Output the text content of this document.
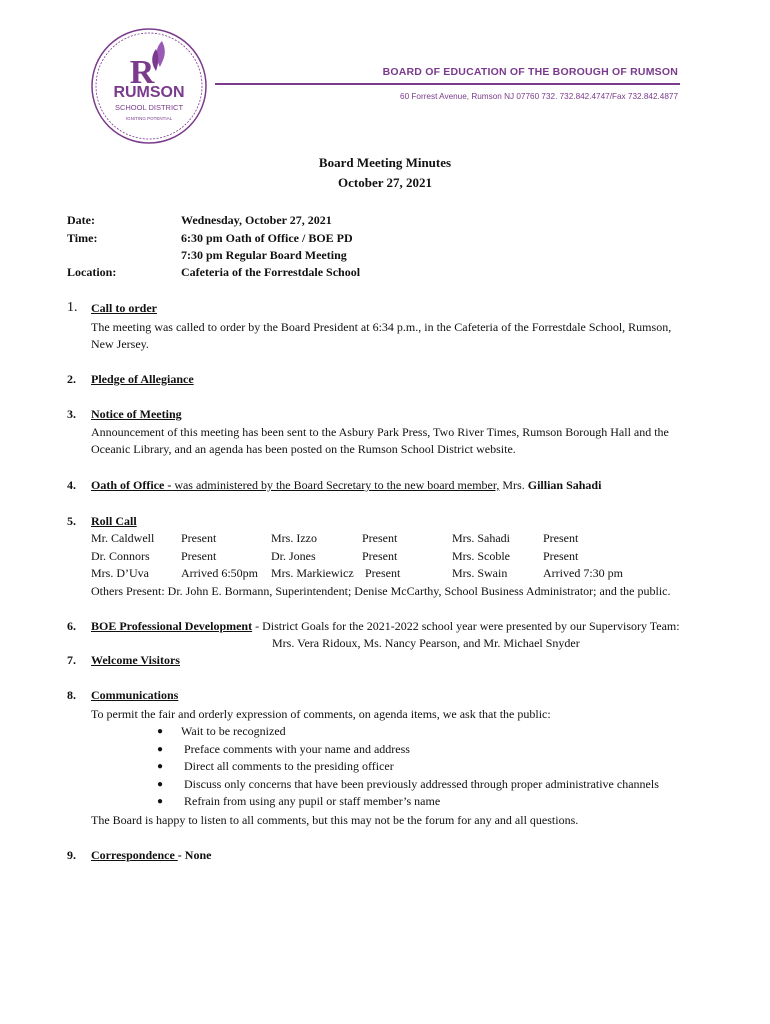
R
RUMSON
SCHOOL DISTRICT
IGNITING POTENTIAL
BOARD OF EDUCATION OF THE BOROUGH OF RUMSON
60 Forrest Avenue, Rumson NJ 07760 732. 732.842.4747/Fax 732.842.4877
Board Meeting Minutes
October 27, 2021
Date:	Wednesday, October 27, 2021
Time:	6:30 pm Oath of Office / BOE PD
7:30 pm Regular Board Meeting
Location:	Cafeteria of the Forrestdale School
1. Call to order
The meeting was called to order by the Board President at 6:34 p.m., in the Cafeteria of the Forrestdale School, Rumson,
New Jersey.
2. Pledge of Allegiance
3. Notice of Meeting
Announcement of this meeting has been sent to the Asbury Park Press, Two River Times, Rumson Borough Hall and the
Oceanic Library, and an agenda has been posted on the Rumson School District website.
4. Oath of Office - was administered by the Board Secretary to the new board member, Mrs. Gillian Sahadi
5. Roll Call
Mr. Caldwell Present	Mrs. Izzo	Present	Mrs. Sahadi	Present
Dr. Connors	Present	Dr. Jones	Present	Mrs. Scoble	Present
Mrs. D’Uva	Arrived 6:50pm Mrs. Markiewicz Present	Mrs. Swain	Arrived 7:30 pm
Others Present: Dr. John E. Bormann, Superintendent; Denise McCarthy, School Business Administrator; and the public.
6. BOE Professional Development - District Goals for the 2021-2022 school year were presented by our Supervisory Team:
Mrs. Vera Ridoux, Ms. Nancy Pearson, and Mr. Michael Snyder
7. Welcome Visitors
8. Communications
To permit the fair and orderly expression of comments, on agenda items, we ask that the public:
● Wait to be recognized
● Preface comments with your name and address
● Direct all comments to the presiding officer
● Discuss only concerns that have been previously addressed through proper administrative channels
● Refrain from using any pupil or staff member’s name
The Board is happy to listen to all comments, but this may not be the forum for any and all questions.
9. Correspondence - None
